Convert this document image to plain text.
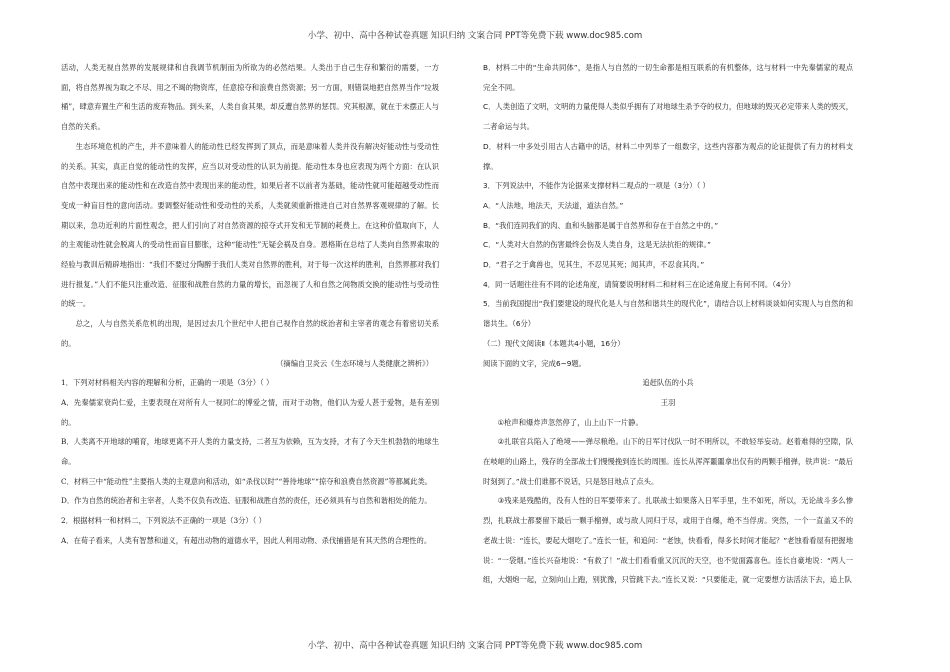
小学、初中、高中各种试卷真题 知识归纳 文案合同 PPT等免费下载 www.doc985.com

活动，人类无视自然界的发展规律和自我调节机制而为所欲为的必然结果。人类出于自己生存和繁衍的需要，一方面，将自然界视为取之不尽、用之不竭的物资库，任意掠夺和浪费自然资源；另一方面，则错误地把自然界当作“垃圾桶”，肆意弃置生产和生活的废弃物品。到头来，人类自食其果，却反遭自然界的惩罚。究其根源，就在于未摆正人与自然的关系。

生态环境危机的产生，并不意味着人的能动性已经发挥到了顶点，而是意味着人类并没有解决好能动性与受动性的关系。其实，真正自觉的能动性的发挥，应当以对受动性的认识为前提。能动性本身也应表现为两个方面：在认识自然中表现出来的能动性和在改造自然中表现出来的能动性，如果后者不以前者为基础，能动性就可能超越受动性而变成一种盲目性的意向活动。要调整好能动性和受动性的关系，人类就须重新推进自己对自然界客观规律的了解。长期以来，急功近利的片面性观念，把人们引向了对自然资源的掠夺式开发和无节制的耗费上。在这种价值取向下，人的主观能动性就会脱离人的受动性而盲目膨胀，这种“能动性”无疑会祸及自身。恩格斯在总结了人类向自然界索取的经验与教训后精辟地指出：“我们不要过分陶醉于我们人类对自然界的胜利，对于每一次这样的胜利，自然界都对我们进行报复。”人们不能只注重改造、征服和战胜自然的力量的增长，而忽视了人和自然之间物质交换的能动性与受动性的统一。

总之，人与自然关系危机的出现，是因过去几个世纪中人把自己视作自然的统治者和主宰者的观念有着密切关系的。

（摘编自卫炎云《生态环境与人类健康之辨析》）

1．下列对材料相关内容的理解和分析，正确的一项是（3分）（ ）

A．先秦儒家衰尚仁爱，主要表现在对所有人一视同仁的博爱之情，而对于动物，他们认为爱人甚于爱物，是有差别的。

B．人类离不开地球的哺育，地球更离不开人类的力量支持，二者互为依赖，互为支持，才有了今天生机勃勃的地球生命。

C．材料三中“能动性”主要指人类的主观意向和活动，如“杀伐以时”“善待地球”“掠夺和浪费自然资源”等都属此类。

D．作为自然的统治者和主宰者，人类不仅负有改造、征服和战胜自然的责任，还必须具有与自然和谐相处的能力。

2．根据材料一和材料二，下列说法不正确的一项是（3分）（ ）

A．在荀子看来，人类有智慧和道义，有超出动物的道德水平，因此人利用动物、杀伐捕猎是有其天然的合理性的。

B．材料二中的“生命共同体”，是指人与自然的一切生命都是相互联系的有机整体，这与材料一中先秦儒家的观点完全不同。

C．人类创造了文明，文明的力量使得人类似乎拥有了对地球生杀予夺的权力，但地球的毁灭必定带来人类的毁灭，二者命运与共。

D．材料一中多处引用古人古籍中的话，材料二中列举了一组数字，这些内容都为观点的论证提供了有力的材料支撑。

3．下列说法中，不能作为论据来支撑材料二观点的一项是（3分）（ ）

A．“人法地，地法天，天法道，道法自然。”

B．“我们连同我们的肉、血和头脑都是属于自然界和存在于自然之中的。”

C．“人类对大自然的伤害最终会伤及人类自身，这是无法抗拒的规律。”

D．“君子之于禽兽也，见其生，不忍见其死；闻其声，不忍食其肉。”

4．同一话题往往有不同的论述角度，请简要说明材料二和材料三在论述角度上有何不同。（4分）

5．当前我国提出“我们要建设的现代化是人与自然和谐共生的现代化”，请结合以上材料谈谈如何实现人与自然的和谐共生。（6分）

（二）现代文阅读Ⅱ（本题共4小题，16分）

阅读下面的文字，完成6~9题。

追赶队伍的小兵

王羽

①枪声和爆炸声忽然停了，山上山下一片静。

②扎联官兵陷入了绝境——弹尽粮绝。山下的日军讨伐队一时不明所以，不敢轻举妄动。赵着难得的空隙，队在岐岖的山路上，残存的全部战士们慢慢挽到连长的周围。连长从浑浑噩噩拿出仅有的两颗手榴弹，铁声说：“最后时刻到了。”战士们谁都不说话，只是怒目地点了点头。

③残来是残酷的，没有人性的日军要带来了。扎联战士如果落入日军手里，生不如死，所以，无论战斗多么惨烈，扎联战士都要留下最后一颗手榴弹，或与敌人同归于尽，或用于自爆，绝不当俘虏。突然，一个一直盖又不的老战士说：“连长，要起大烟吃了。”连长一怔，和追问：“老蚀，快看看，得多长时间才能起？”老蚀看看屋有把握地说：“一袋烟。”连长兴奋地说：“有救了！”战士们看看重又沉沉的天空，也不觉面露喜色。连长自豪地说：“两人一组，大烟炮一起，立刻向山上跑，别犹豫，只管跳下去。”连长又说：“只要能走，就一定要想方法活法下去，追上队

小学、初中、高中各种试卷真题 知识归纳 文案合同 PPT等免费下载 www.doc985.com
